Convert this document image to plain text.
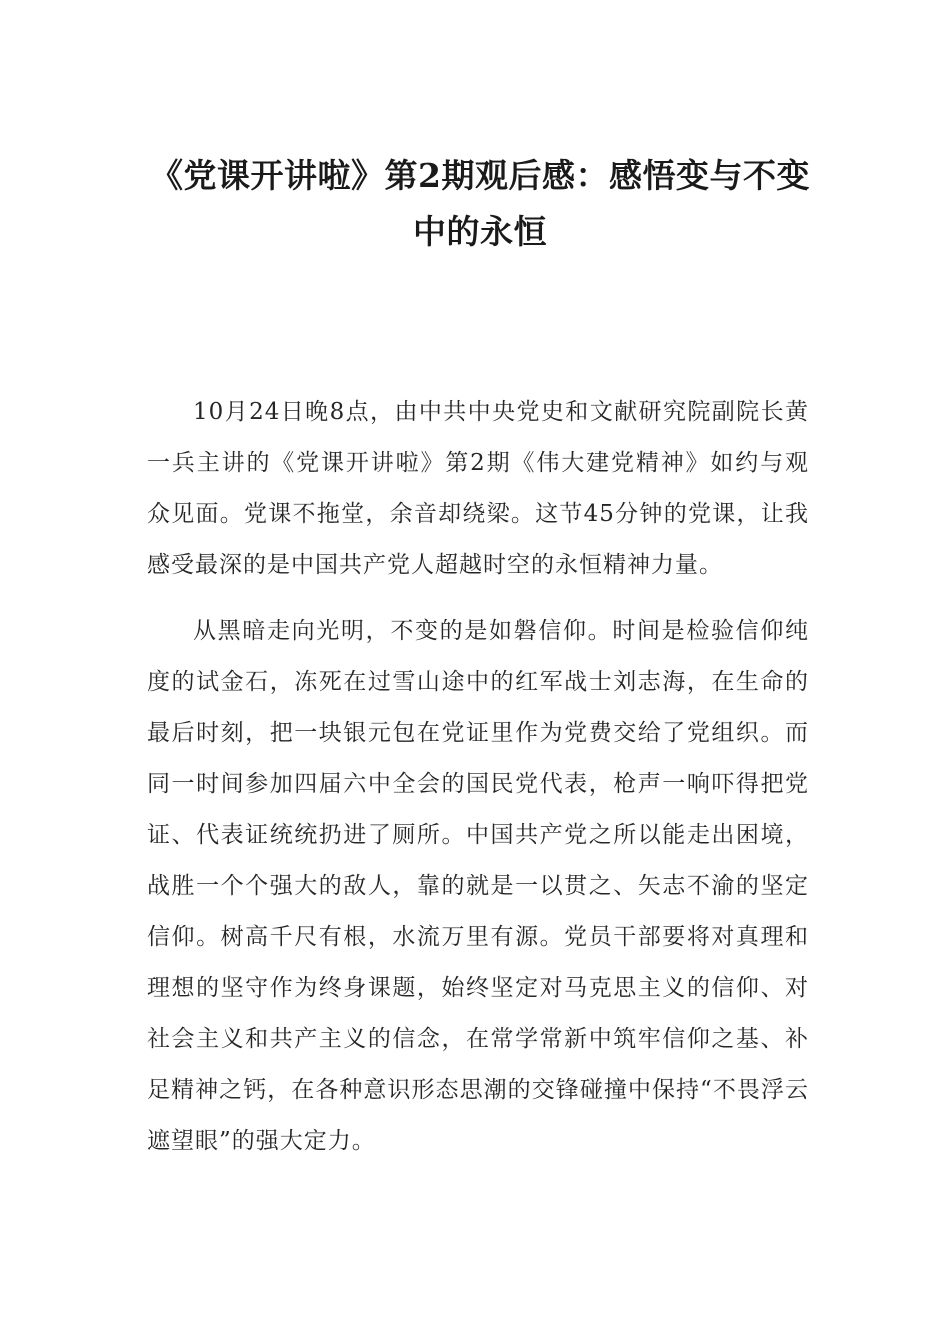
《党课开讲啦》第2期观后感：感悟变与不变中的永恒

10月24日晚8点，由中共中央党史和文献研究院副院长黄一兵主讲的《党课开讲啦》第2期《伟大建党精神》如约与观众见面。党课不拖堂，余音却绕梁。这节45分钟的党课，让我感受最深的是中国共产党人超越时空的永恒精神力量。

从黑暗走向光明，不变的是如磐信仰。时间是检验信仰纯度的试金石，冻死在过雪山途中的红军战士刘志海，在生命的最后时刻，把一块银元包在党证里作为党费交给了党组织。而同一时间参加四届六中全会的国民党代表，枪声一响吓得把党证、代表证统统扔进了厕所。中国共产党之所以能走出困境，战胜一个个强大的敌人，靠的就是一以贯之、矢志不渝的坚定信仰。树高千尺有根，水流万里有源。党员干部要将对真理和理想的坚守作为终身课题，始终坚定对马克思主义的信仰、对社会主义和共产主义的信念，在常学常新中筑牢信仰之基、补足精神之钙，在各种意识形态思潮的交锋碰撞中保持“不畏浮云遮望眼”的强大定力。
